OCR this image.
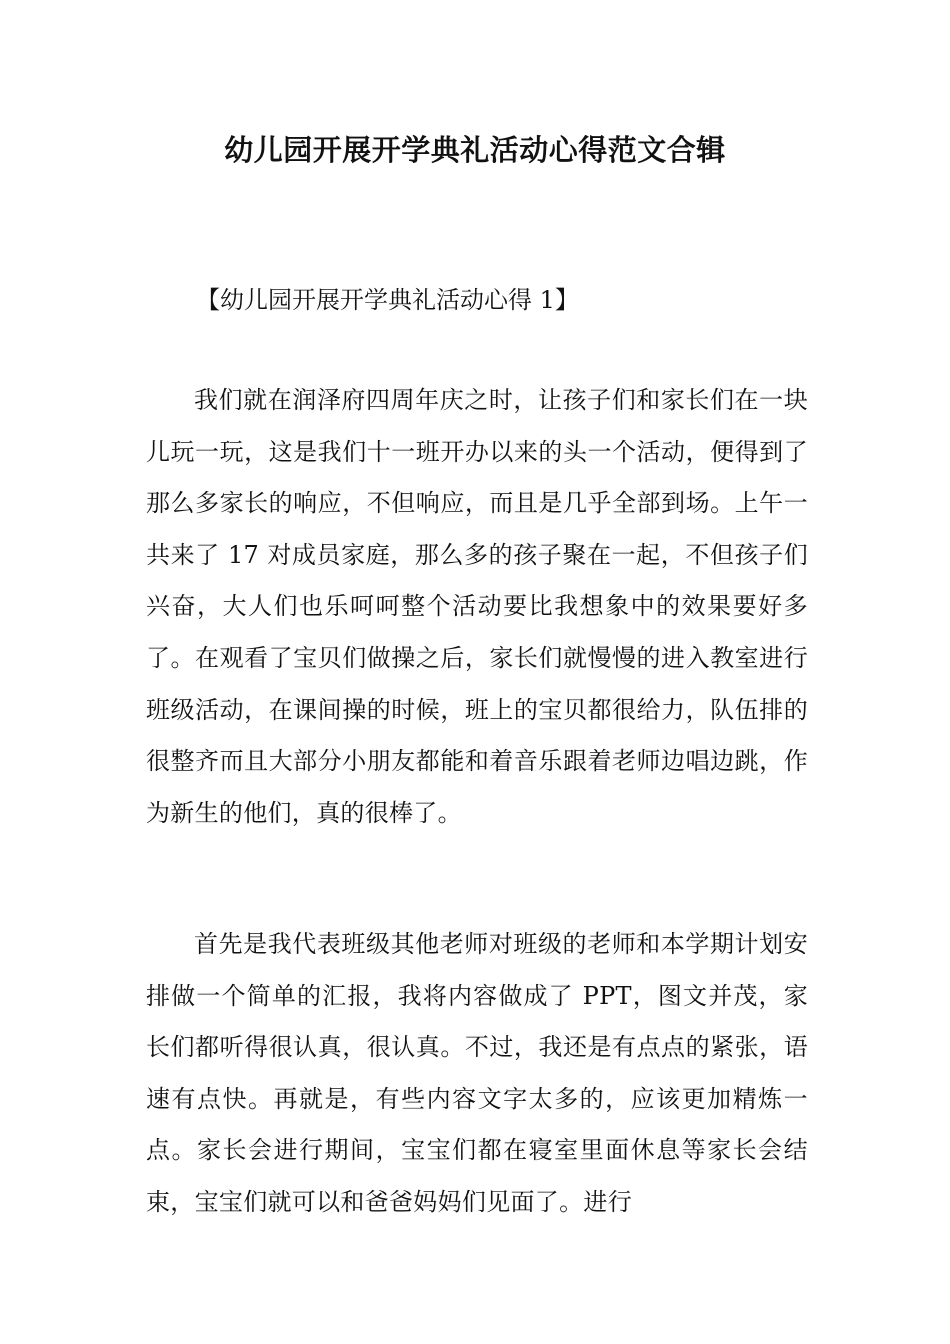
幼儿园开展开学典礼活动心得范文合辑

【幼儿园开展开学典礼活动心得 1】

我们就在润泽府四周年庆之时，让孩子们和家长们在一块儿玩一玩，这是我们十一班开办以来的头一个活动，便得到了那么多家长的响应，不但响应，而且是几乎全部到场。上午一共来了 17 对成员家庭，那么多的孩子聚在一起，不但孩子们兴奋，大人们也乐呵呵整个活动要比我想象中的效果要好多了。在观看了宝贝们做操之后，家长们就慢慢的进入教室进行班级活动，在课间操的时候，班上的宝贝都很给力，队伍排的很整齐而且大部分小朋友都能和着音乐跟着老师边唱边跳，作为新生的他们，真的很棒了。

首先是我代表班级其他老师对班级的老师和本学期计划安排做一个简单的汇报，我将内容做成了 PPT，图文并茂，家长们都听得很认真，很认真。不过，我还是有点点的紧张，语速有点快。再就是，有些内容文字太多的，应该更加精炼一点。家长会进行期间，宝宝们都在寝室里面休息等家长会结束，宝宝们就可以和爸爸妈妈们见面了。进行
